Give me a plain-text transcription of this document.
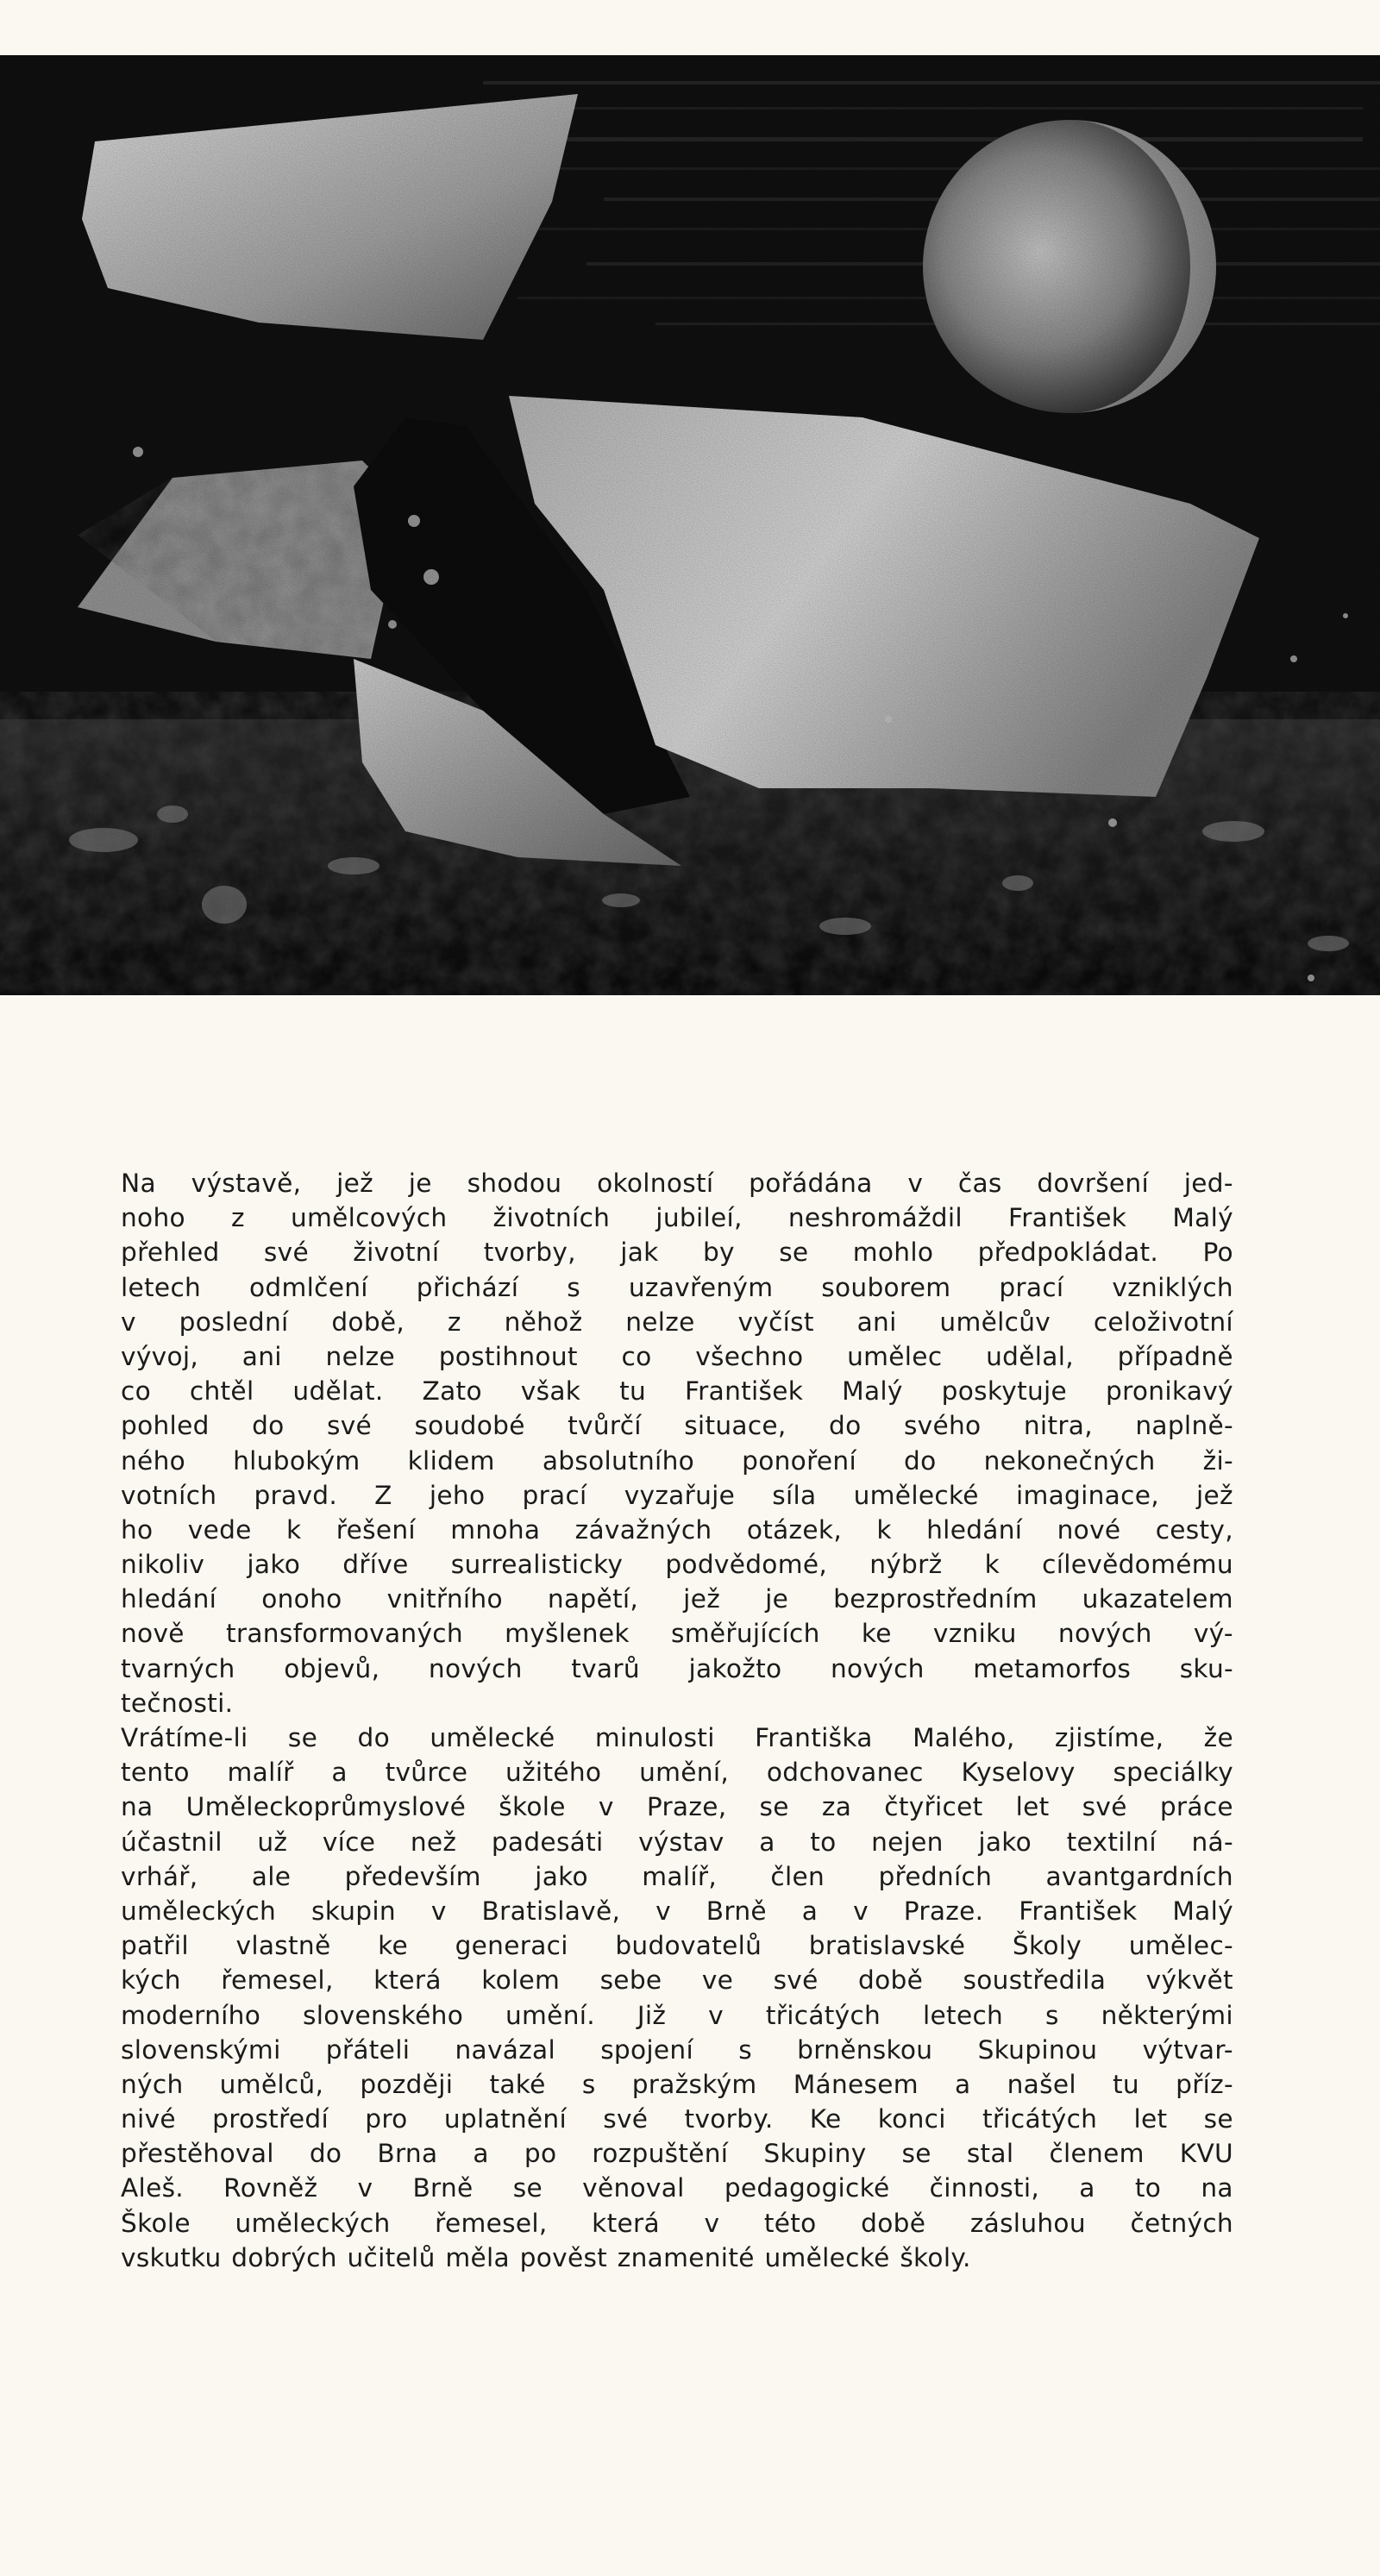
Na výstavě, jež je shodou okolností pořádána v čas dovršení jed-
noho z umělcových životních jubileí, neshromáždil František Malý
přehled své životní tvorby, jak by se mohlo předpokládat. Po
letech odmlčení přichází s uzavřeným souborem prací vzniklých
v poslední době, z něhož nelze vyčíst ani umělcův celoživotní
vývoj, ani nelze postihnout co všechno umělec udělal, případně
co chtěl udělat. Zato však tu František Malý poskytuje pronikavý
pohled do své soudobé tvůrčí situace, do svého nitra, naplně-
ného hlubokým klidem absolutního ponoření do nekonečných ži-
votních pravd. Z jeho prací vyzařuje síla umělecké imaginace, jež
ho vede k řešení mnoha závažných otázek, k hledání nové cesty,
nikoliv jako dříve surrealisticky podvědomé, nýbrž k cílevědomému
hledání onoho vnitřního napětí, jež je bezprostředním ukazatelem
nově transformovaných myšlenek směřujících ke vzniku nových vý-
tvarných objevů, nových tvarů jakožto nových metamorfos sku-
tečnosti.

Vrátíme-li se do umělecké minulosti Františka Malého, zjistíme, že
tento malíř a tvůrce užitého umění, odchovanec Kyselovy speciálky
na Uměleckoprůmyslové škole v Praze, se za čtyřicet let své práce
účastnil už více než padesáti výstav a to nejen jako textilní ná-
vrhář, ale především jako malíř, člen předních avantgardních
uměleckých skupin v Bratislavě, v Brně a v Praze. František Malý
patřil vlastně ke generaci budovatelů bratislavské Školy umělec-
kých řemesel, která kolem sebe ve své době soustředila výkvět
moderního slovenského umění. Již v třicátých letech s některými
slovenskými přáteli navázal spojení s brněnskou Skupinou výtvar-
ných umělců, později také s pražským Mánesem a našel tu příz-
nivé prostředí pro uplatnění své tvorby. Ke konci třicátých let se
přestěhoval do Brna a po rozpuštění Skupiny se stal členem KVU
Aleš. Rovněž v Brně se věnoval pedagogické činnosti, a to na
Škole uměleckých řemesel, která v této době zásluhou četných
vskutku dobrých učitelů měla pověst znamenité umělecké školy.
